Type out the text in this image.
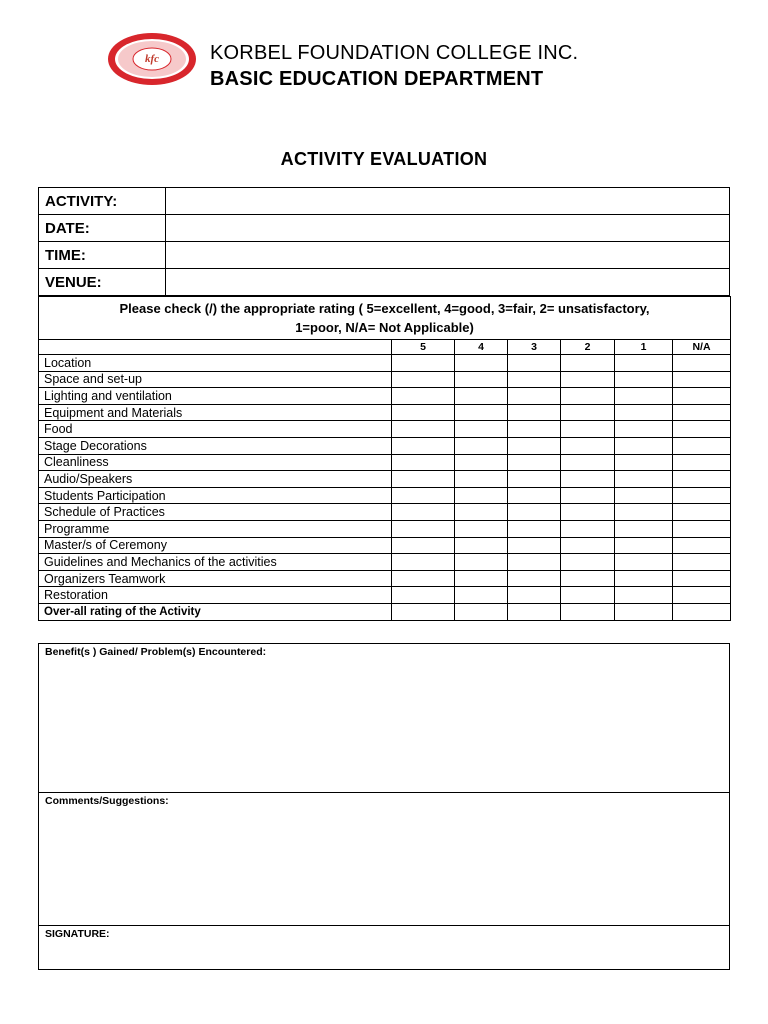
kfc	KORBEL FOUNDATION COLLEGE INC.
BASIC EDUCATION DEPARTMENT
ACTIVITY EVALUATION
ACTIVITY:	
DATE:	
TIME:	
VENUE:	
Please check (/) the appropriate rating ( 5=excellent, 4=good, 3=fair, 2= unsatisfactory,
1=poor, N/A= Not Applicable)						
	5	4	3	2	1	N/A
Location						
Space and set-up						
Lighting and ventilation						
Equipment and Materials						
Food						
Stage Decorations						
Cleanliness						
Audio/Speakers						
Students Participation						
Schedule of Practices						
Programme						
Master/s of Ceremony						
Guidelines and Mechanics of the activities						
Organizers Teamwork						
Restoration						
Over-all rating of the Activity						
Benefit(s ) Gained/ Problem(s) Encountered:
Comments/Suggestions:
SIGNATURE:
